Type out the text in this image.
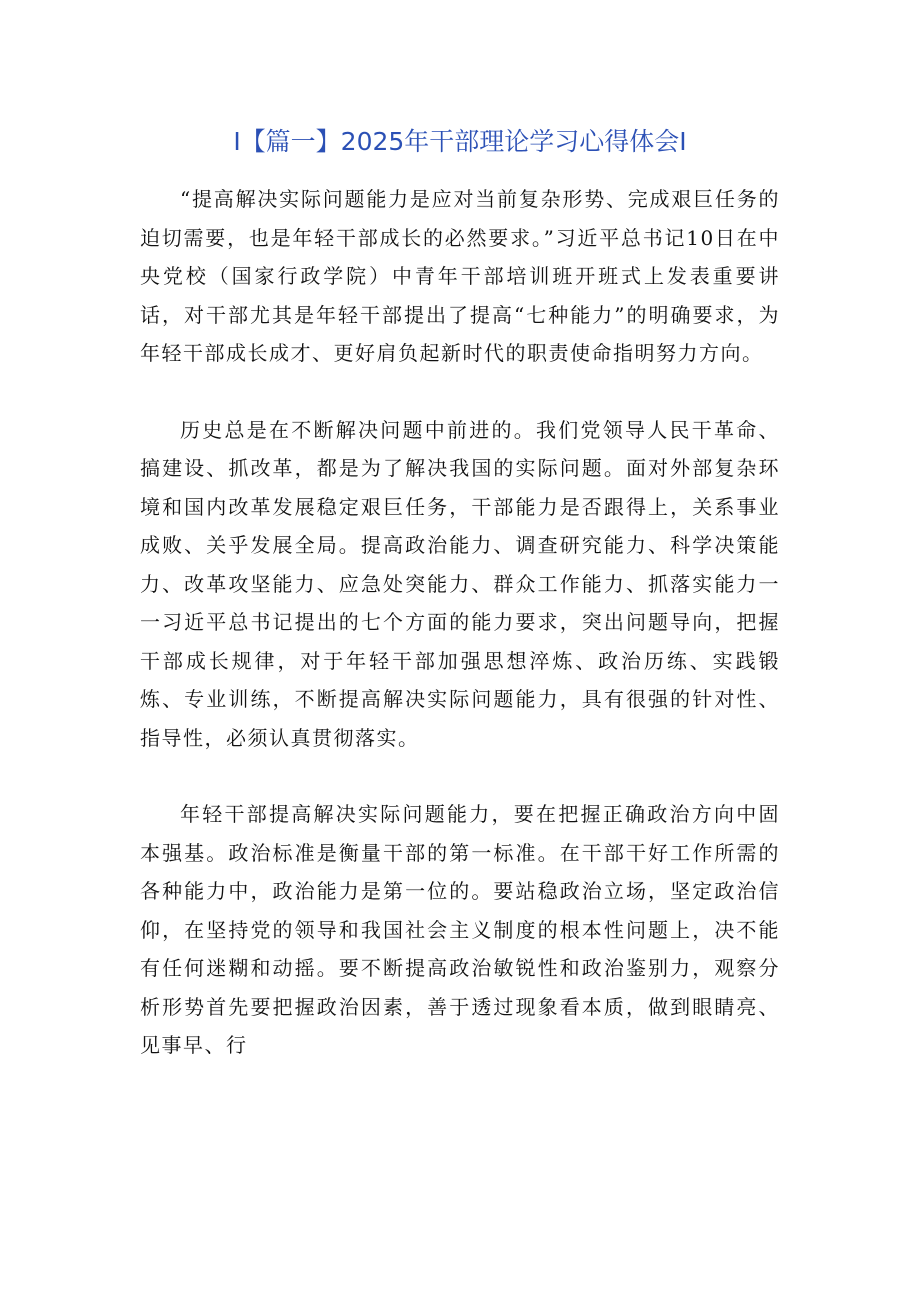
I【篇一】2025年干部理论学习心得体会I

“提高解决实际问题能力是应对当前复杂形势、完成艰巨任务的迫切需要，也是年轻干部成长的必然要求。”习近平总书记10日在中央党校（国家行政学院）中青年干部培训班开班式上发表重要讲话，对干部尤其是年轻干部提出了提高“七种能力”的明确要求，为年轻干部成长成才、更好肩负起新时代的职责使命指明努力方向。

历史总是在不断解决问题中前进的。我们党领导人民干革命、搞建设、抓改革，都是为了解决我国的实际问题。面对外部复杂环境和国内改革发展稳定艰巨任务，干部能力是否跟得上，关系事业成败、关乎发展全局。提高政治能力、调查研究能力、科学决策能力、改革攻坚能力、应急处突能力、群众工作能力、抓落实能力一一习近平总书记提出的七个方面的能力要求，突出问题导向，把握干部成长规律，对于年轻干部加强思想淬炼、政治历练、实践锻炼、专业训练，不断提高解决实际问题能力，具有很强的针对性、指导性，必须认真贯彻落实。

年轻干部提高解决实际问题能力，要在把握正确政治方向中固本强基。政治标准是衡量干部的第一标准。在干部干好工作所需的各种能力中，政治能力是第一位的。要站稳政治立场，坚定政治信仰，在坚持党的领导和我国社会主义制度的根本性问题上，决不能有任何迷糊和动摇。要不断提高政治敏锐性和政治鉴别力，观察分析形势首先要把握政治因素，善于透过现象看本质，做到眼睛亮、见事早、行
